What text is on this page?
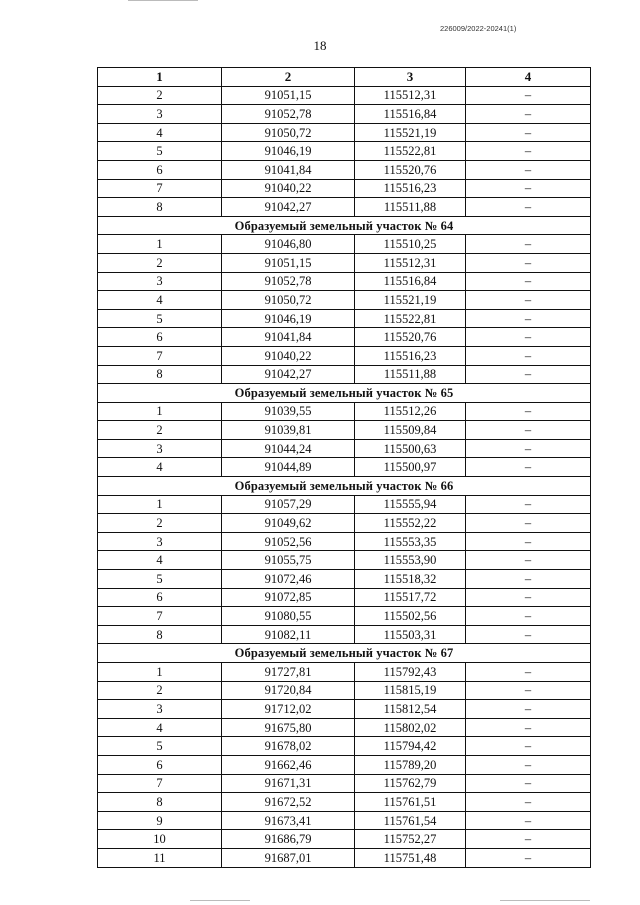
226009/2022-20241(1)
18
1	2	3	4
2	91051,15	115512,31	–
3	91052,78	115516,84	–
4	91050,72	115521,19	–
5	91046,19	115522,81	–
6	91041,84	115520,76	–
7	91040,22	115516,23	–
8	91042,27	115511,88	–
Образуемый земельный участок № 64			
1	91046,80	115510,25	–
2	91051,15	115512,31	–
3	91052,78	115516,84	–
4	91050,72	115521,19	–
5	91046,19	115522,81	–
6	91041,84	115520,76	–
7	91040,22	115516,23	–
8	91042,27	115511,88	–
Образуемый земельный участок № 65			
1	91039,55	115512,26	–
2	91039,81	115509,84	–
3	91044,24	115500,63	–
4	91044,89	115500,97	–
Образуемый земельный участок № 66			
1	91057,29	115555,94	–
2	91049,62	115552,22	–
3	91052,56	115553,35	–
4	91055,75	115553,90	–
5	91072,46	115518,32	–
6	91072,85	115517,72	–
7	91080,55	115502,56	–
8	91082,11	115503,31	–
Образуемый земельный участок № 67			
1	91727,81	115792,43	–
2	91720,84	115815,19	–
3	91712,02	115812,54	–
4	91675,80	115802,02	–
5	91678,02	115794,42	–
6	91662,46	115789,20	–
7	91671,31	115762,79	–
8	91672,52	115761,51	–
9	91673,41	115761,54	–
10	91686,79	115752,27	–
11	91687,01	115751,48	–
